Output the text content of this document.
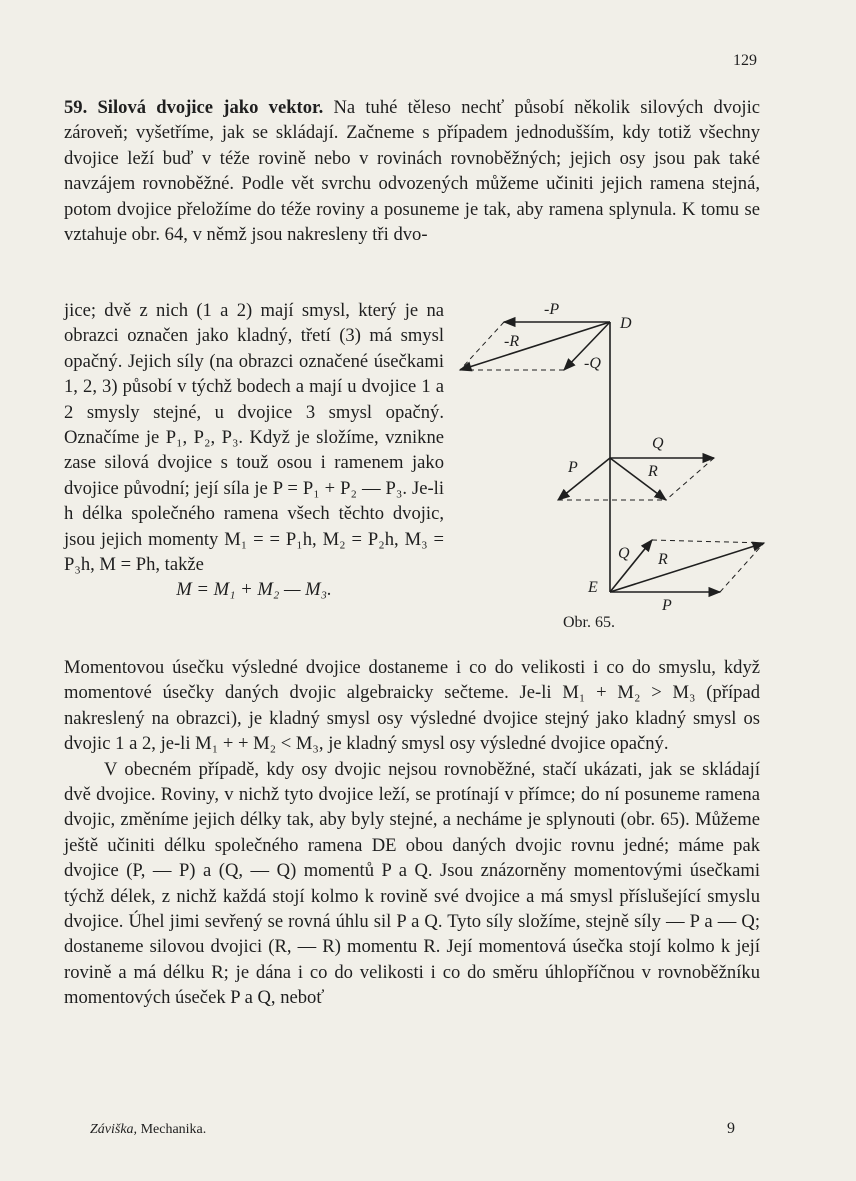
129

59. Silová dvojice jako vektor. Na tuhé těleso nechť působí několik silových dvojic zároveň; vyšetříme, jak se skládají. Začneme s případem jednodušším, kdy totiž všechny dvojice leží buď v téže rovině nebo v rovinách rovnoběžných; jejich osy jsou pak také navzájem rovnoběžné. Podle vět svrchu odvozených můžeme učiniti jejich ramena stejná, potom dvojice přeložíme do téže roviny a posuneme je tak, aby ramena splynula. K tomu se vztahuje obr. 64, v němž jsou nakresleny tři dvo-

jice; dvě z nich (1 a 2) mají smysl, který je na obrazci označen jako kladný, třetí (3) má smysl opačný. Jejich síly (na obrazci označené úsečkami 1, 2, 3) působí v týchž bodech a mají u dvojice 1 a 2 smysly stejné, u dvojice 3 smysl opačný. Označíme je P₁, P₂, P₃. Když je složíme, vznikne zase silová dvojice s touž osou i ramenem jako dvojice původní; její síla je P = P₁ + P₂ — P₃. Je-li h délka společného ramena všech těchto dvojic, jsou jejich momenty M₁ = = P₁h, M₂ = P₂h, M₃ = P₃h, M = Ph, takže
M = M₁ + M₂ — M₃.
-P
-R
-Q
D
Q
P	R
Q R
E
P
Obr. 65.

Momentovou úsečku výsledné dvojice dostaneme i co do velikosti i co do smyslu, když momentové úsečky daných dvojic algebraicky sečteme. Je-li M₁ + M₂ > M₃ (případ nakreslený na obrazci), je kladný smysl osy výsledné dvojice stejný jako kladný smysl os dvojic 1 a 2, je-li M₁ + + M₂ < M₃, je kladný smysl osy výsledné dvojice opačný.

V obecném případě, kdy osy dvojic nejsou rovnoběžné, stačí ukázati, jak se skládají dvě dvojice. Roviny, v nichž tyto dvojice leží, se protínají v přímce; do ní posuneme ramena dvojic, změníme jejich délky tak, aby byly stejné, a necháme je splynouti (obr. 65). Můžeme ještě učiniti délku společného ramena DE obou daných dvojic rovnu jedné; máme pak dvojice (P, — P) a (Q, — Q) momentů P a Q. Jsou znázorněny momentovými úsečkami týchž délek, z nichž každá stojí kolmo k rovině své dvojice a má smysl příslušející smyslu dvojice. Úhel jimi sevřený se rovná úhlu sil P a Q. Tyto síly složíme, stejně síly — P a — Q; dostaneme silovou dvojici (R, — R) momentu R. Její momentová úsečka stojí kolmo k její rovině a má délku R; je dána i co do velikosti i co do směru úhlopříčnou v rovnoběžníku momentových úseček P a Q, neboť

Záviška, Mechanika.	9
